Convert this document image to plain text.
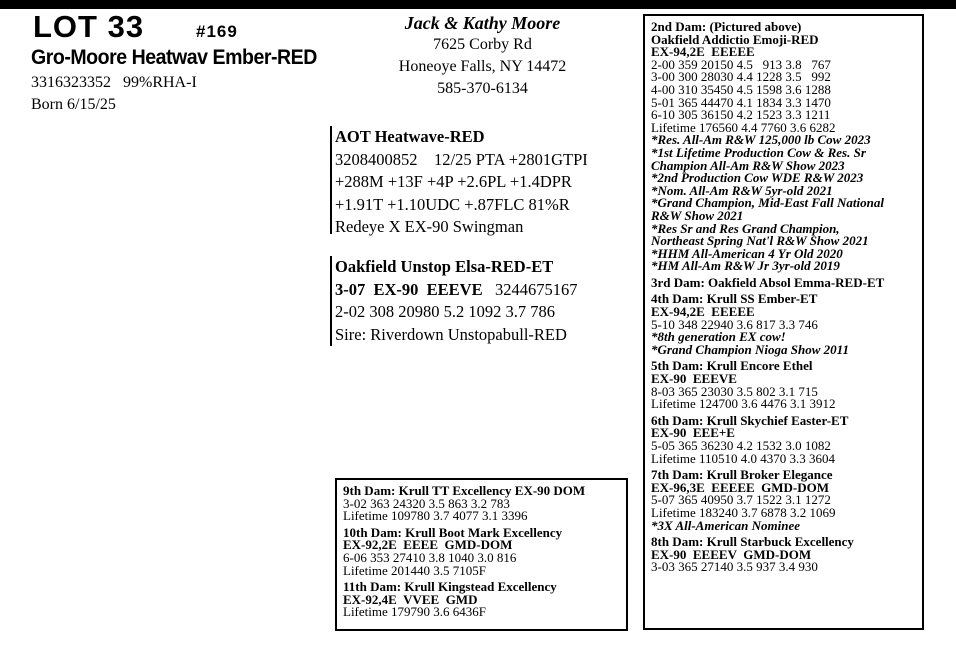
LOT 33	#169
Gro-Moore Heatwav Ember-RED
3316323352   99%RHA-I
Born 6/15/25
Jack & Kathy Moore
7625 Corby Rd
Honeoye Falls, NY 14472
585-370-6134
AOT Heatwave-RED
3208400852    12/25 PTA +2801GTPI
+288M +13F +4P +2.6PL +1.4DPR
+1.91T +1.10UDC +.87FLC 81%R
Redeye X EX-90 Swingman
Oakfield Unstop Elsa-RED-ET
3-07  EX-90  EEEVE 3244675167
2-02 308 20980 5.2 1092 3.7 786
Sire: Riverdown Unstopabull-RED
2nd Dam: (Pictured above)
Oakfield Addictio Emoji-RED
EX-94,2E  EEEEE
2-00 359 20150 4.5   913 3.8   767
3-00 300 28030 4.4 1228 3.5   992
4-00 310 35450 4.5 1598 3.6 1288
5-01 365 44470 4.1 1834 3.3 1470
6-10 305 36150 4.2 1523 3.3 1211
Lifetime 176560 4.4 7760 3.6 6282
*Res. All-Am R&W 125,000 lb Cow 2023
*1st Lifetime Production Cow & Res. Sr
Champion All-Am R&W Show 2023
*2nd Production Cow WDE R&W 2023
*Nom. All-Am R&W 5yr-old 2021
*Grand Champion, Mid-East Fall National
R&W Show 2021
*Res Sr and Res Grand Champion,
Northeast Spring Nat'l R&W Show 2021
*HHM All-American 4 Yr Old 2020
*HM All-Am R&W Jr 3yr-old 2019
3rd Dam: Oakfield Absol Emma-RED-ET
4th Dam: Krull SS Ember-ET
EX-94,2E  EEEEE
5-10 348 22940 3.6 817 3.3 746
*8th generation EX cow!
*Grand Champion Nioga Show 2011
5th Dam: Krull Encore Ethel
EX-90  EEEVE
8-03 365 23030 3.5 802 3.1 715
Lifetime 124700 3.6 4476 3.1 3912
6th Dam: Krull Skychief Easter-ET
EX-90  EEE+E
5-05 365 36230 4.2 1532 3.0 1082
Lifetime 110510 4.0 4370 3.3 3604
7th Dam: Krull Broker Elegance
EX-96,3E  EEEEE  GMD-DOM
5-07 365 40950 3.7 1522 3.1 1272
Lifetime 183240 3.7 6878 3.2 1069
*3X All-American Nominee
8th Dam: Krull Starbuck Excellency
EX-90  EEEEV  GMD-DOM
3-03 365 27140 3.5 937 3.4 930
9th Dam: Krull TT Excellency EX-90 DOM
3-02 363 24320 3.5 863 3.2 783
Lifetime 109780 3.7 4077 3.1 3396
10th Dam: Krull Boot Mark Excellency
EX-92,2E  EEEE  GMD-DOM
6-06 353 27410 3.8 1040 3.0 816
Lifetime 201440 3.5 7105F
11th Dam: Krull Kingstead Excellency
EX-92,4E  VVEE  GMD
Lifetime 179790 3.6 6436F
